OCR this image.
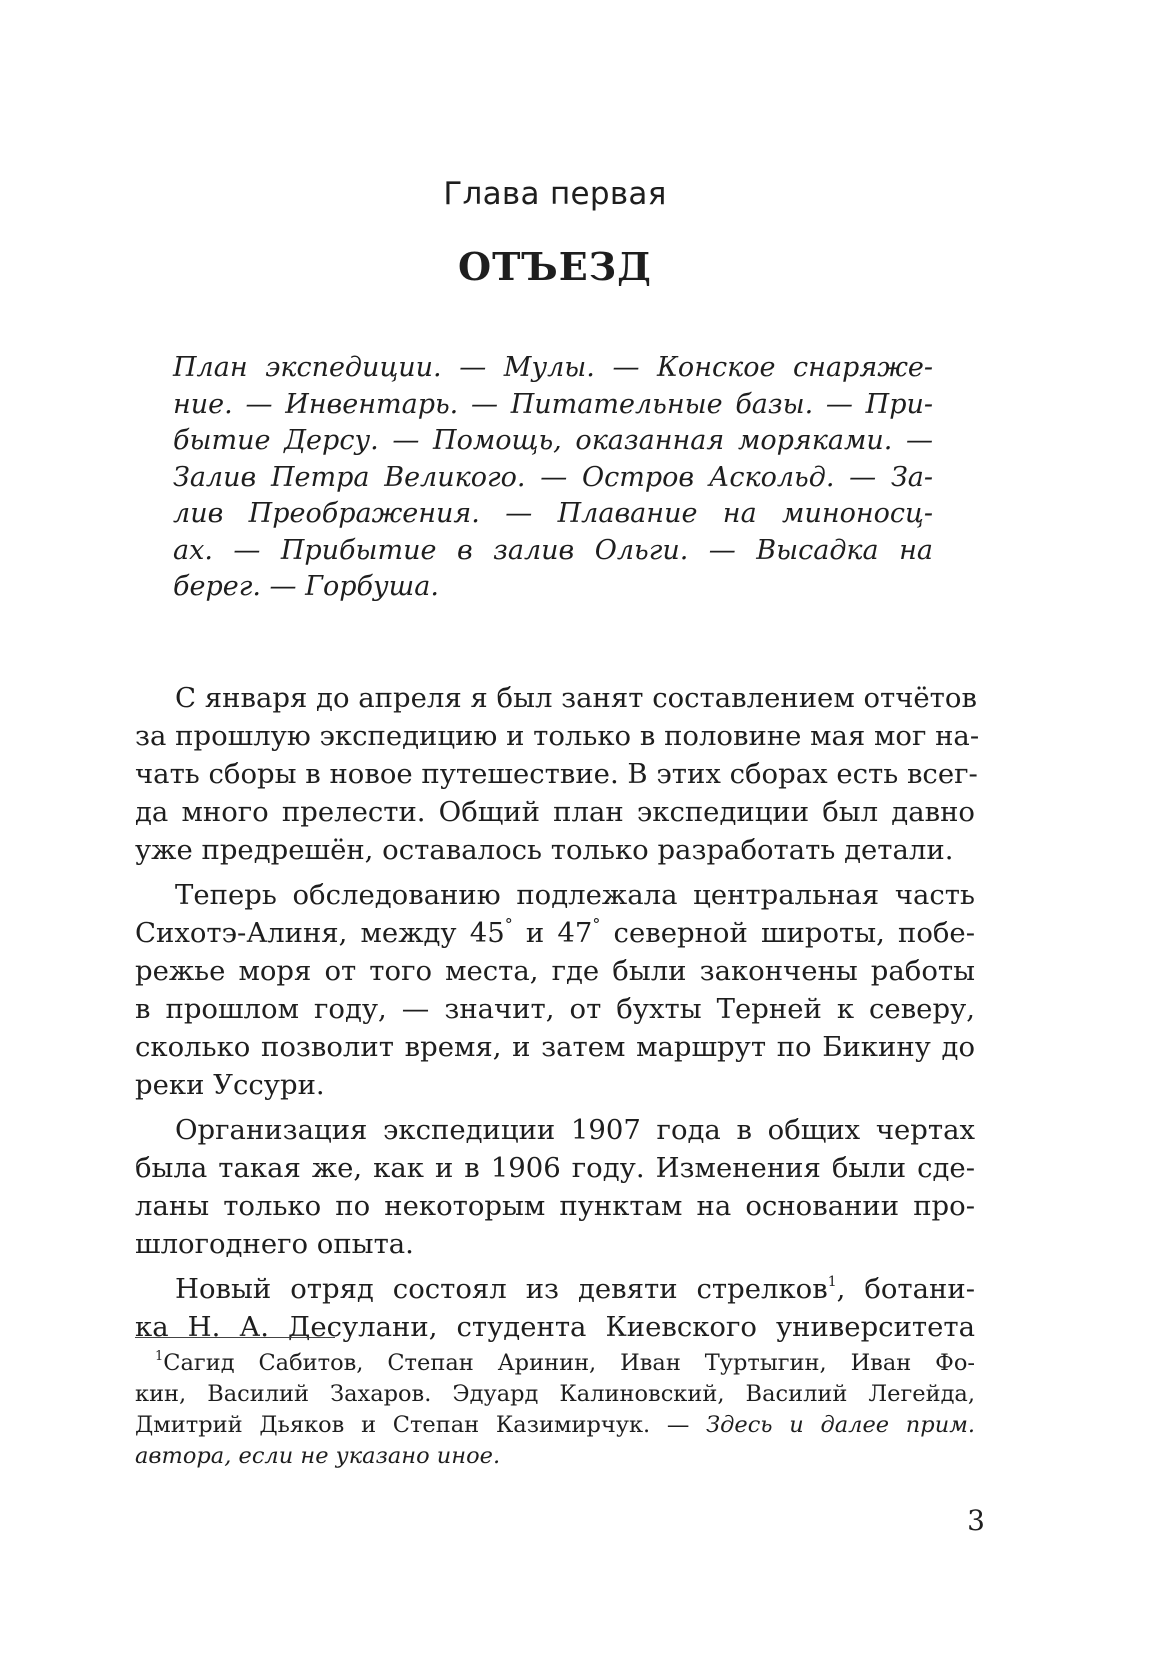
Глава первая
ОТЪЕЗД
План экспедиции. — Мулы. — Конское снаряже-
ние. — Инвентарь. — Питательные базы. — При-
бытие Дерсу. — Помощь, оказанная моряками. —
Залив Петра Великого. — Остров Аскольд. — За-
лив Преображения. — Плавание на миноносц-
ах. — Прибытие в залив Ольги. — Высадка на
берег. — Горбуша.
С января до апреля я был занят составлением отчётов
за прошлую экспедицию и только в половине мая мог на-
чать сборы в новое путешествие. В этих сборах есть всег-
да много прелести. Общий план экспедиции был давно
уже предрешён, оставалось только разработать детали.
Теперь обследованию подлежала центральная часть
Сихотэ-Алиня, между 45° и 47° северной широты, побе-
режье моря от того места, где были закончены работы
в прошлом году, — значит, от бухты Терней к северу,
сколько позволит время, и затем маршрут по Бикину до
реки Уссури.
Организация экспедиции 1907 года в общих чертах
была такая же, как и в 1906 году. Изменения были сде-
ланы только по некоторым пунктам на основании про-
шлогоднего опыта.
Новый отряд состоял из девяти стрелков$^1$, ботани-
ка Н. А. Десулани, студента Киевского университета
$^1$Сагид Сабитов, Степан Аринин, Иван Туртыгин, Иван Фо-
кин, Василий Захаров. Эдуард Калиновский, Василий Легейда,
Дмитрий Дьяков и Степан Казимирчук. — Здесь и далее прим.
автора, если не указано иное.
3
